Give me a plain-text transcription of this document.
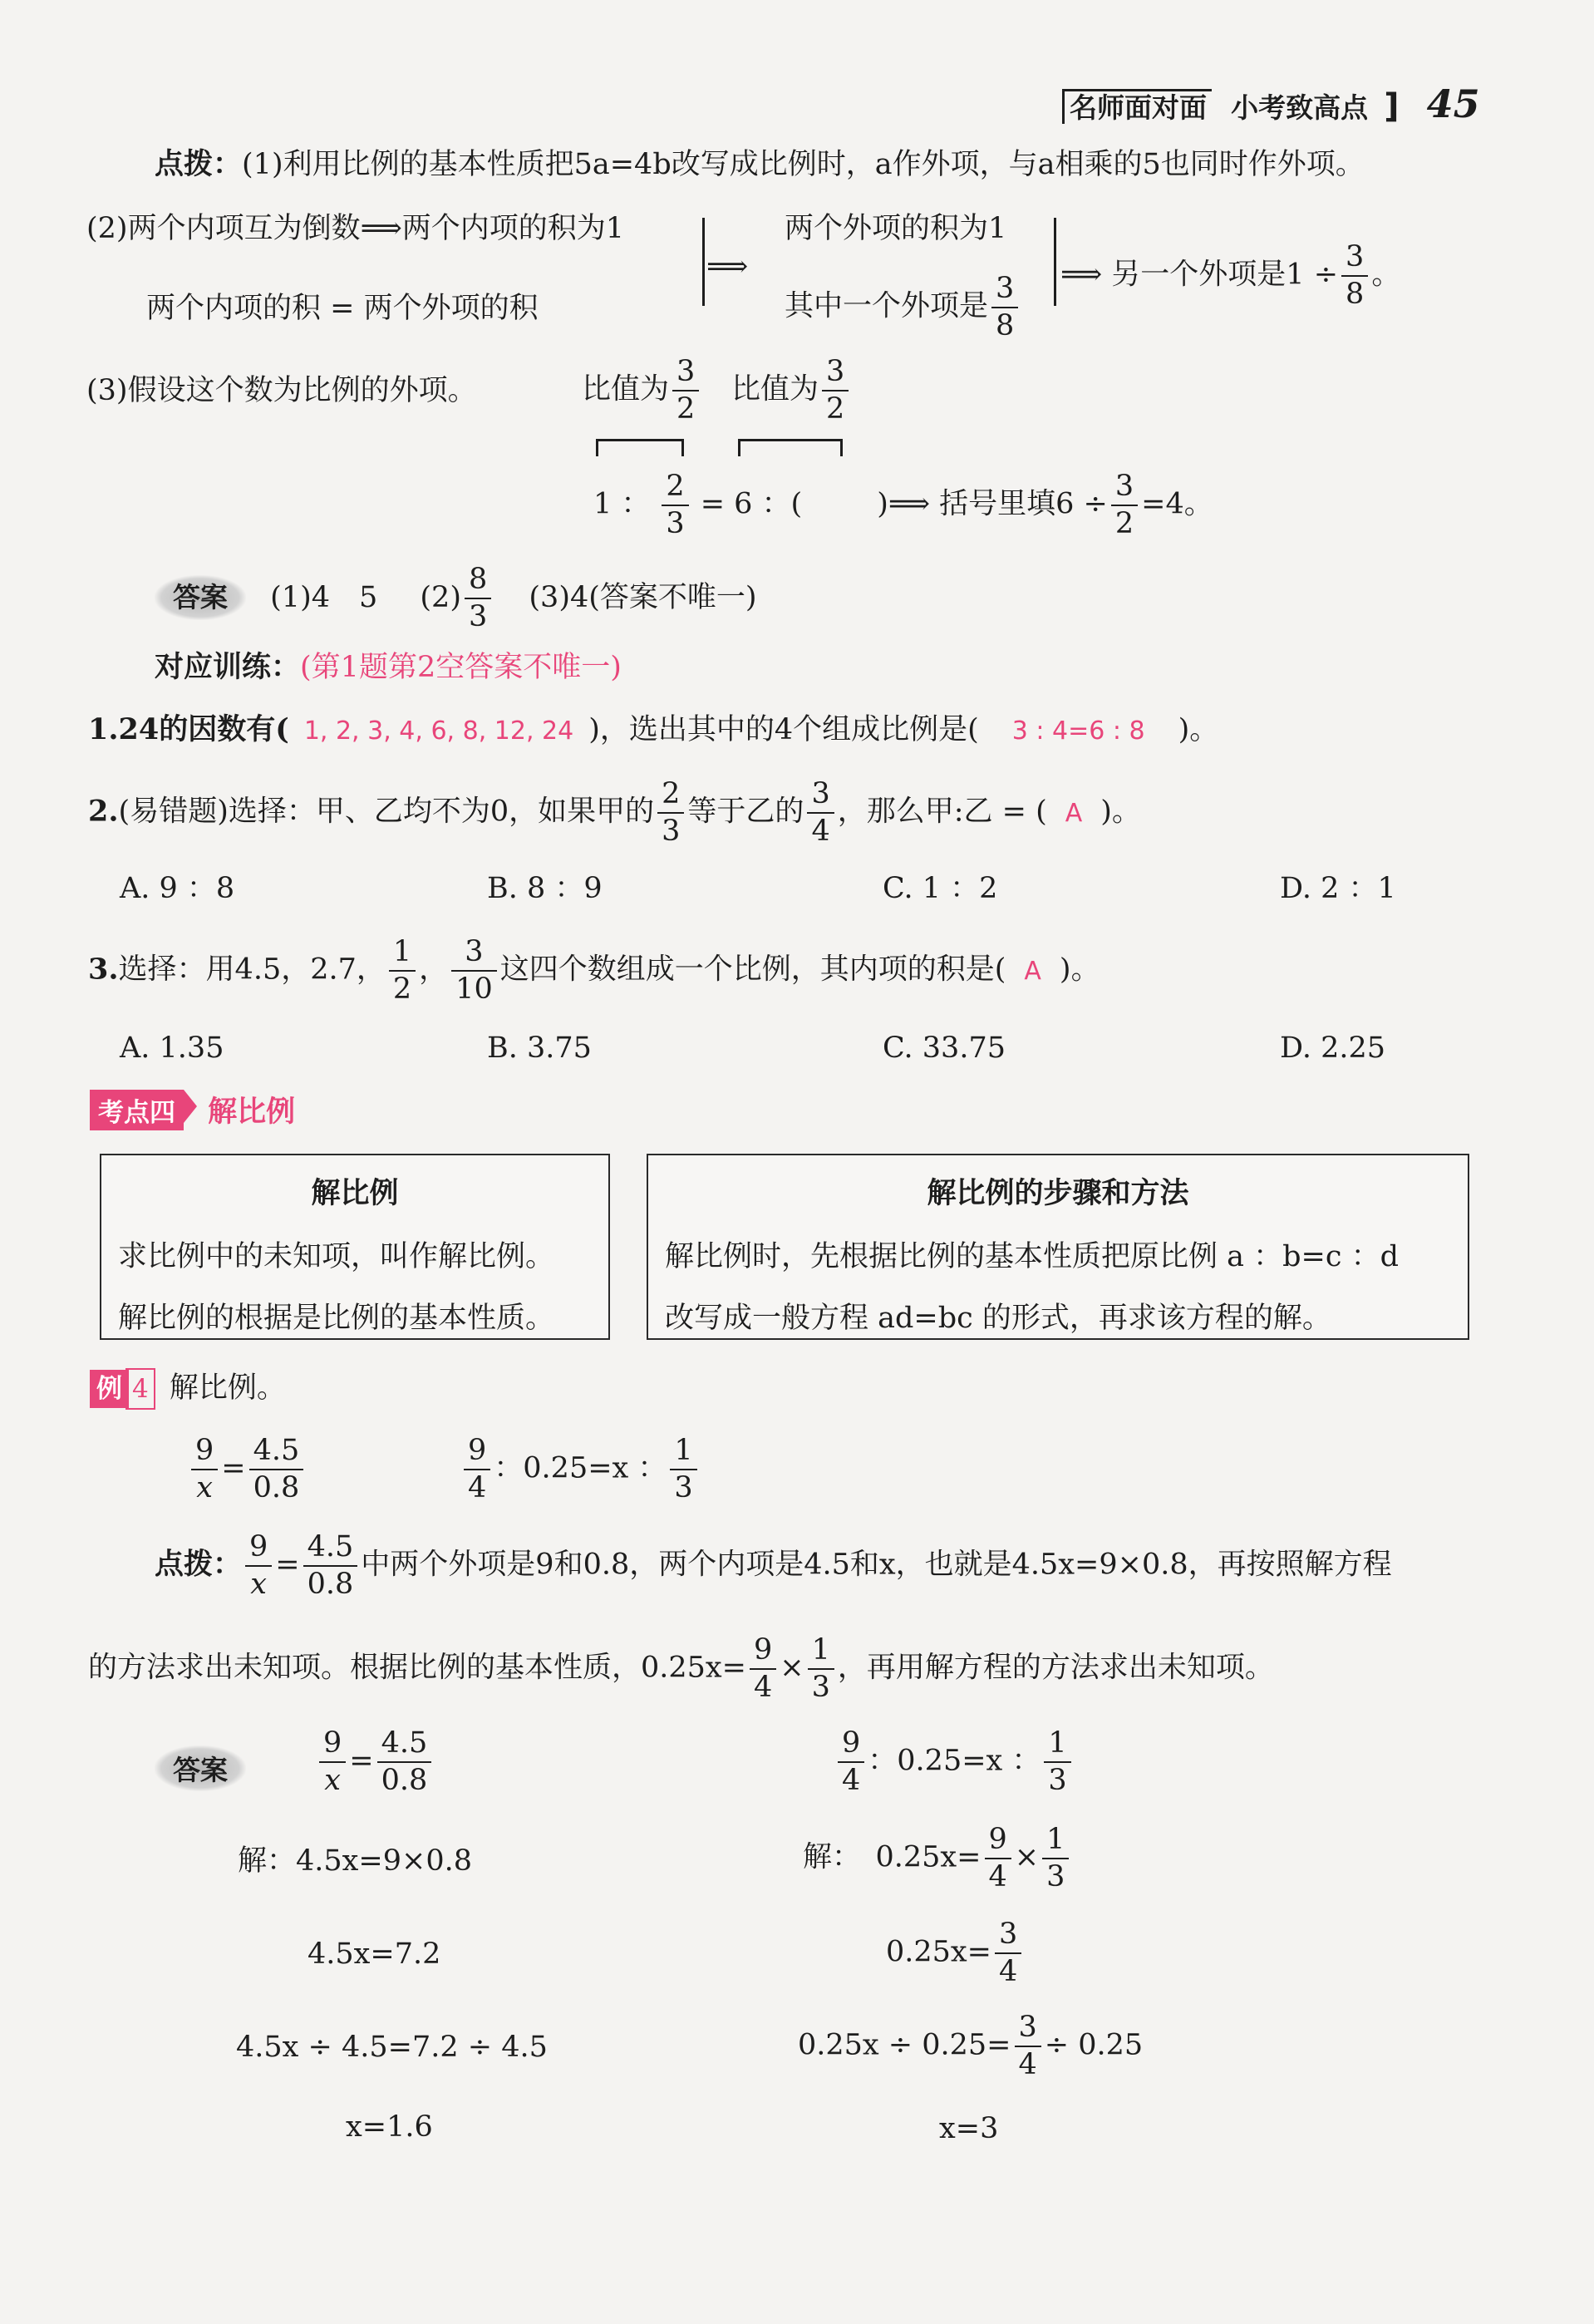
名师面对面 小考致高点 ] 45
点拨：(1)利用比例的基本性质把5a=4b改写成比例时，a作外项，与a相乘的5也同时作外项。
(2)两个内项互为倒数⟹两个内项的积为1
两个内项的积 = 两个外项的积
⟹
两个外项的积为1
其中一个外项是 $\frac{3}{8}$ ⟹ 另一个外项是$1 \div \frac{3}{8}$ 。
(3)假设这个数为比例的外项。	比值为 $\frac{3}{2}$ 比值为 $\frac{3}{2}$
1 ： $\frac{2}{3} = 6$ ：(	)⟹ 括号里填$6 \div \frac{3}{2} =4$。
答案 (1)4　5 $(2) \frac{8}{3} (3)4$(答案不唯一)
对应训练：(第1题第2空答案不唯一)
1.24的因数有( 1, 2, 3, 4, 6, 8, 12, 24 )，选出其中的4个组成比例是( 3 : 4=6 : 8 )。
2.(易错题)选择：甲、乙均不为0，如果甲的 $\frac{2}{3}$ 等于乙的 $\frac{3}{4}$ ，那么甲:乙 = ( A )。
A. 9 ：8	B. 8 ：9	C. 1 ：2	D. 2 ：1
3.选择：用4.5，2.7， $\frac{1}{2}$ ， $\frac{3}{10}$ 这四个数组成一个比例，其内项的积是( A )。
A. 1.35	B. 3.75	C. 33.75	D. 2.25
考点四 解比例
解比例
求比例中的未知项，叫作解比例。
解比例的根据是比例的基本性质。
解比例的步骤和方法
解比例时，先根据比例的基本性质把原比例 a ：b=c ：d
改写成一般方程 ad=bc 的形式，再求该方程的解。
例 4 解比例。
$\frac{9}{x} = \frac{4.5}{0.8}$	$\frac{9}{4}$ ：0.25=x ： $\frac{1}{3}$
点拨： $\frac{9}{x} = \frac{4.5}{0.8}$ 中两个外项是9和0.8，两个内项是4.5和x，也就是4.5x=9×0.8，再按照解方程
的方法求出未知项。根据比例的基本性质，$0.25x= \frac{9}{4} \times \frac{1}{3}$ ，再用解方程的方法求出未知项。
答案	$\frac{9}{x} = \frac{4.5}{0.8}$
解：4.5x=9×0.8
4.5x=7.2
4.5x ÷ 4.5=7.2 ÷ 4.5
x=1.6
$\frac{9}{4}$ ：0.25=x ： $\frac{1}{3}$
解：　$0.25x= \frac{9}{4} \times \frac{1}{3}$
$0.25x= \frac{3}{4}$
$0.25x \div 0.25= \frac{3}{4} \div 0.25$
x=3
